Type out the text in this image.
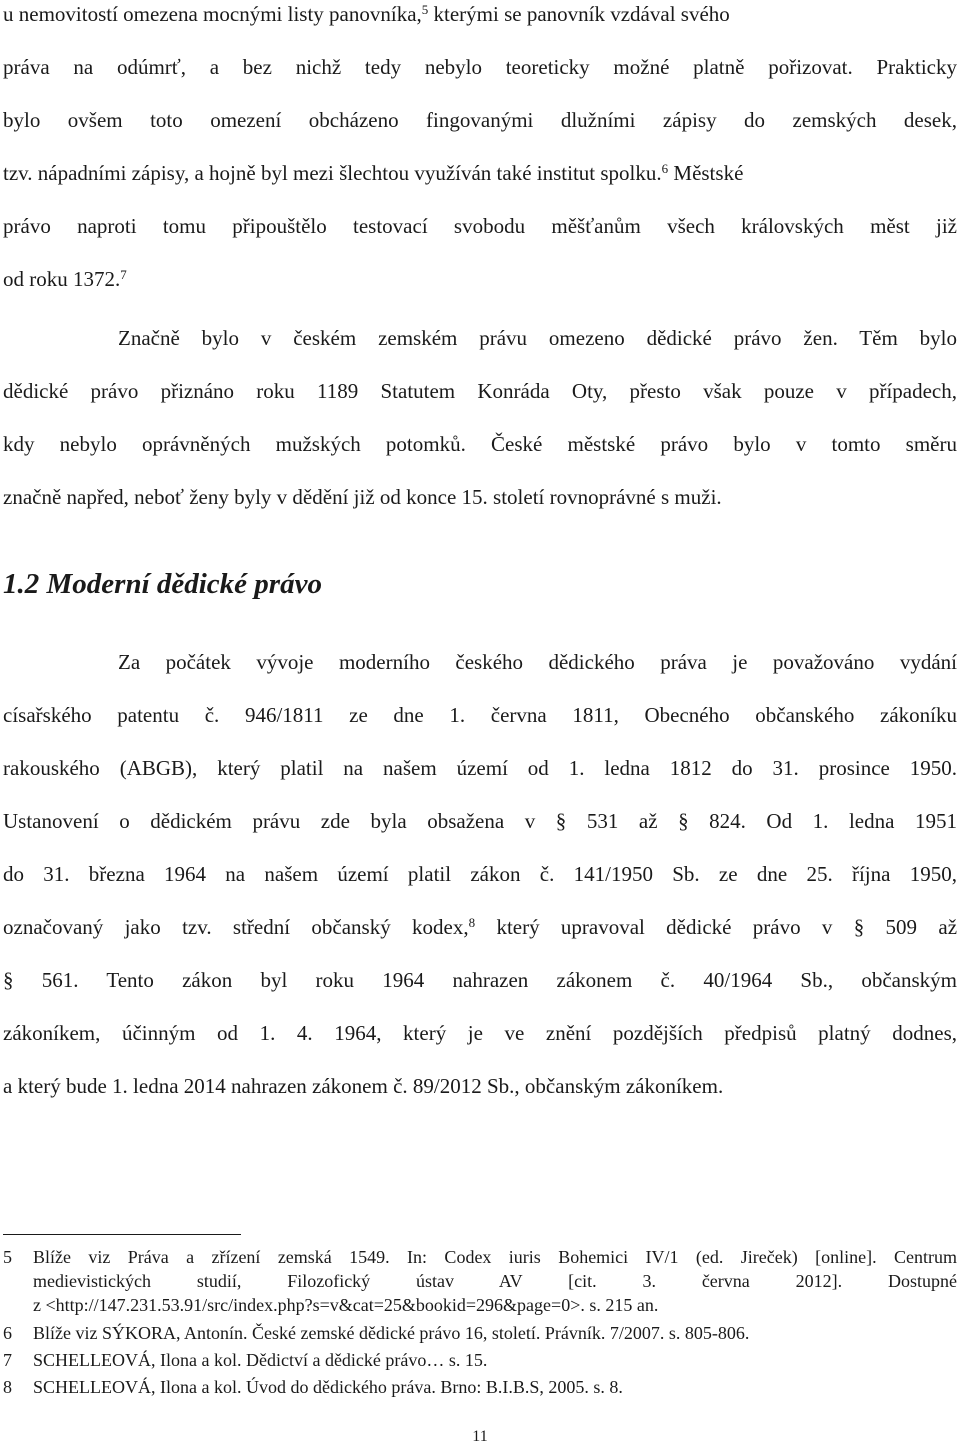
u nemovitostí omezena mocnými listy panovníka,$^5$ kterými se panovník vzdával svého
práva na odúmrť, a bez nichž tedy nebylo teoreticky možné platně pořizovat. Prakticky
bylo ovšem toto omezení obcházeno fingovanými dlužními zápisy do zemských desek,
tzv. nápadními zápisy, a hojně byl mezi šlechtou využíván také institut spolku.$^6$ Městské
právo naproti tomu připouštělo testovací svobodu měšťanům všech královských měst již
od roku 1372.$^7$
Značně bylo v českém zemském právu omezeno dědické právo žen. Těm bylo
dědické právo přiznáno roku 1189 Statutem Konráda Oty, přesto však pouze v případech,
kdy nebylo oprávněných mužských potomků. České městské právo bylo v tomto směru
značně napřed, neboť ženy byly v dědění již od konce 15. století rovnoprávné s muži.
1.2 Moderní dědické právo
Za počátek vývoje moderního českého dědického práva je považováno vydání
císařského patentu č. 946/1811 ze dne 1. června 1811, Obecného občanského zákoníku
rakouského (ABGB), který platil na našem území od 1. ledna 1812 do 31. prosince 1950.
Ustanovení o dědickém právu zde byla obsažena v § 531 až § 824. Od 1. ledna 1951
do 31. března 1964 na našem území platil zákon č. 141/1950 Sb. ze dne 25. října 1950,
označovaný jako tzv. střední občanský kodex,$^8$ který upravoval dědické právo v § 509 až
§ 561. Tento zákon byl roku 1964 nahrazen zákonem č. 40/1964 Sb., občanským
zákoníkem, účinným od 1. 4. 1964, který je ve znění pozdějších předpisů platný dodnes,
a který bude 1. ledna 2014 nahrazen zákonem č. 89/2012 Sb., občanským zákoníkem.
5 Blíže viz Práva a zřízení zemská 1549. In: Codex iuris Bohemici IV/1 (ed. Jireček) [online]. Centrum
medievistických studií, Filozofický ústav AV [cit. 3. června 2012]. Dostupné
z <http://147.231.53.91/src/index.php?s=v&cat=25&bookid=296&page=0>. s. 215 an.
6 Blíže viz SÝKORA, Antonín. České zemské dědické právo 16, století. Právník. 7/2007. s. 805-806.
7 SCHELLEOVÁ, Ilona a kol. Dědictví a dědické právo… s. 15.
8 SCHELLEOVÁ, Ilona a kol. Úvod do dědického práva. Brno: B.I.B.S, 2005. s. 8.
11
